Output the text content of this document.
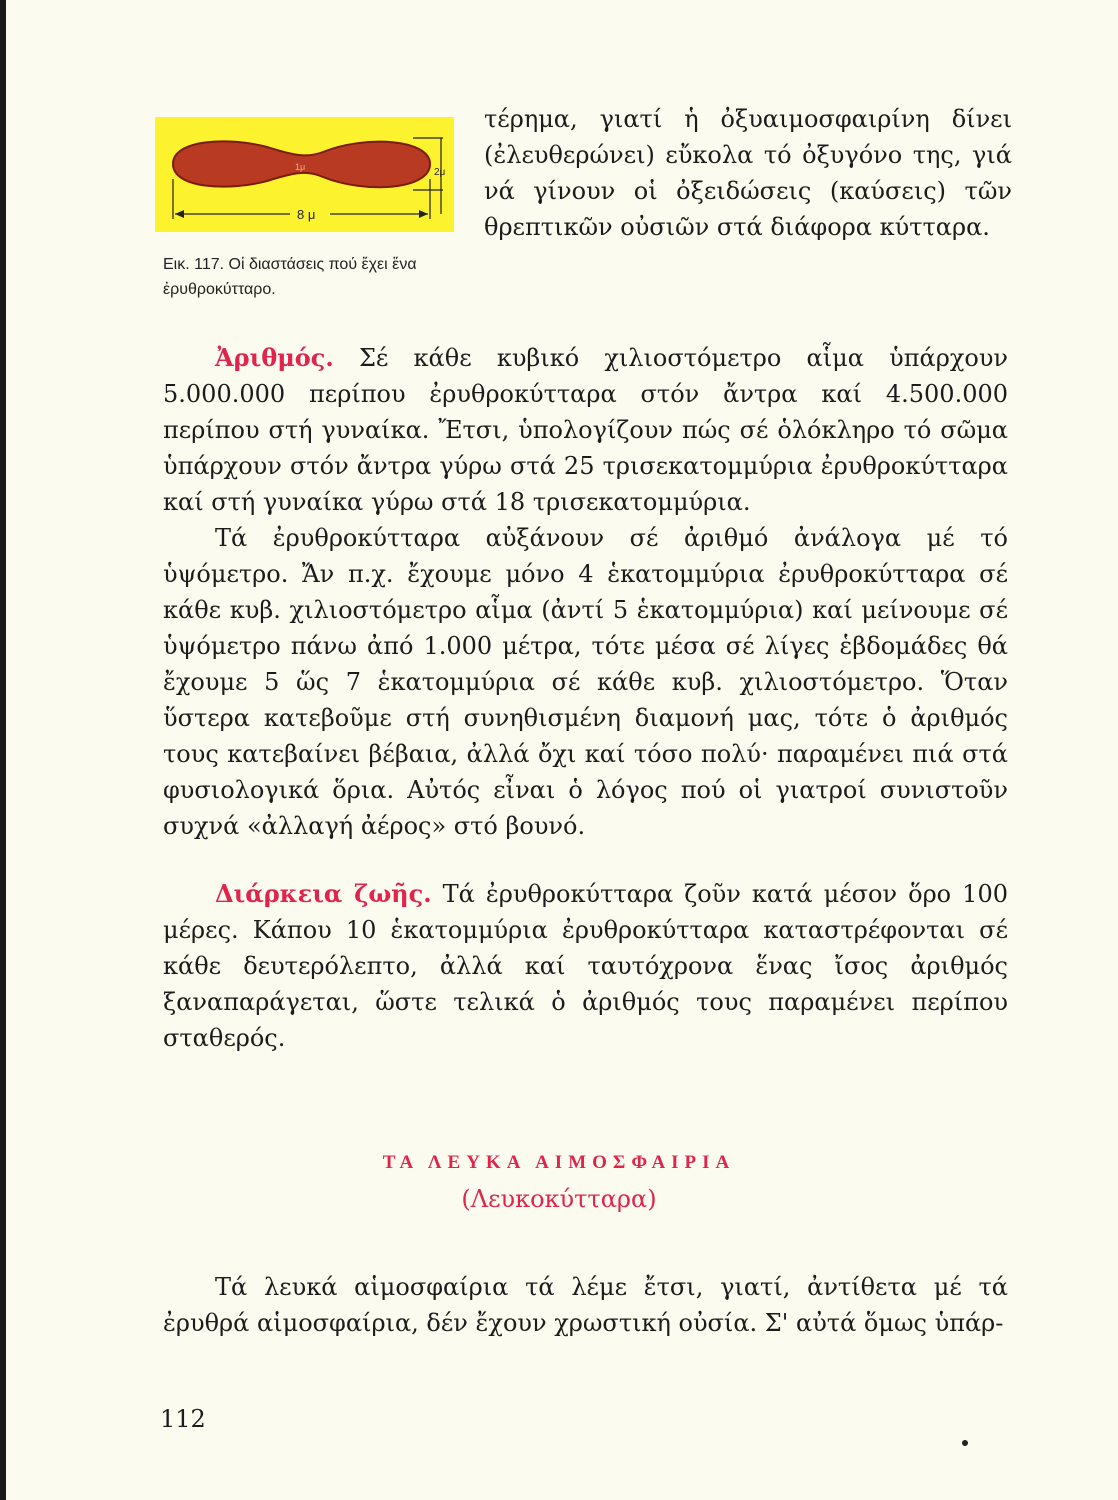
1μ	2μ
8 μ
Εικ. 117. Οἱ διαστάσεις πού ἔχει ἕνα ἐρυθροκύτταρο.
τέρημα, γιατί ἡ ὀξυαιμοσφαιρίνη δίνει (ἐλευθερώνει) εὔκολα τό ὀξυγόνο της, γιά νά γίνουν οἱ ὀξειδώσεις (καύσεις) τῶν θρεπτικῶν οὐσιῶν στά διάφορα κύτταρα.

Ἀριθμός. Σέ κάθε κυβικό χιλιοστόμετρο αἷμα ὑπάρχουν 5.000.000 περίπου ἐρυθροκύτταρα στόν ἄντρα καί 4.500.000 περίπου στή γυναίκα. Ἔτσι, ὑπολογίζουν πώς σέ ὁλόκληρο τό σῶμα ὑπάρχουν στόν ἄντρα γύρω στά 25 τρισεκατομμύρια ἐρυθροκύτταρα καί στή γυναίκα γύρω στά 18 τρισεκατομμύρια.

Τά ἐρυθροκύτταρα αὐξάνουν σέ ἀριθμό ἀνάλογα μέ τό ὑψόμετρο. Ἄν π.χ. ἔχουμε μόνο 4 ἑκατομμύρια ἐρυθροκύτταρα σέ κάθε κυβ. χιλιοστόμετρο αἷμα (ἀντί 5 ἑκατομμύρια) καί μείνουμε σέ ὑψόμετρο πάνω ἀπό 1.000 μέτρα, τότε μέσα σέ λίγες ἑβδομάδες θά ἔχουμε 5 ὥς 7 ἑκατομμύρια σέ κάθε κυβ. χιλιοστόμετρο. Ὅταν ὕστερα κατεβοῦμε στή συνηθισμένη διαμονή μας, τότε ὁ ἀριθμός τους κατεβαίνει βέβαια, ἀλλά ὄχι καί τόσο πολύ· παραμένει πιά στά φυσιολογικά ὅρια. Αὐτός εἶναι ὁ λόγος πού οἱ γιατροί συνιστοῦν συχνά «ἀλλαγή ἀέρος» στό βουνό.

Διάρκεια ζωῆς. Τά ἐρυθροκύτταρα ζοῦν κατά μέσον ὅρο 100 μέρες. Κάπου 10 ἑκατομμύρια ἐρυθροκύτταρα καταστρέφονται σέ κάθε δευτερόλεπτο, ἀλλά καί ταυτόχρονα ἕνας ἴσος ἀριθμός ξαναπαράγεται, ὥστε τελικά ὁ ἀριθμός τους παραμένει περίπου σταθερός.

ΤΑ ΛΕΥΚΑ ΑΙΜΟΣΦΑΙΡΙΑ
(Λευκοκύτταρα)

Τά λευκά αἱμοσφαίρια τά λέμε ἔτσι, γιατί, ἀντίθετα μέ τά ἐρυθρά αἱμοσφαίρια, δέν ἔχουν χρωστική οὐσία. Σ' αὐτά ὅμως ὑπάρ-

112
